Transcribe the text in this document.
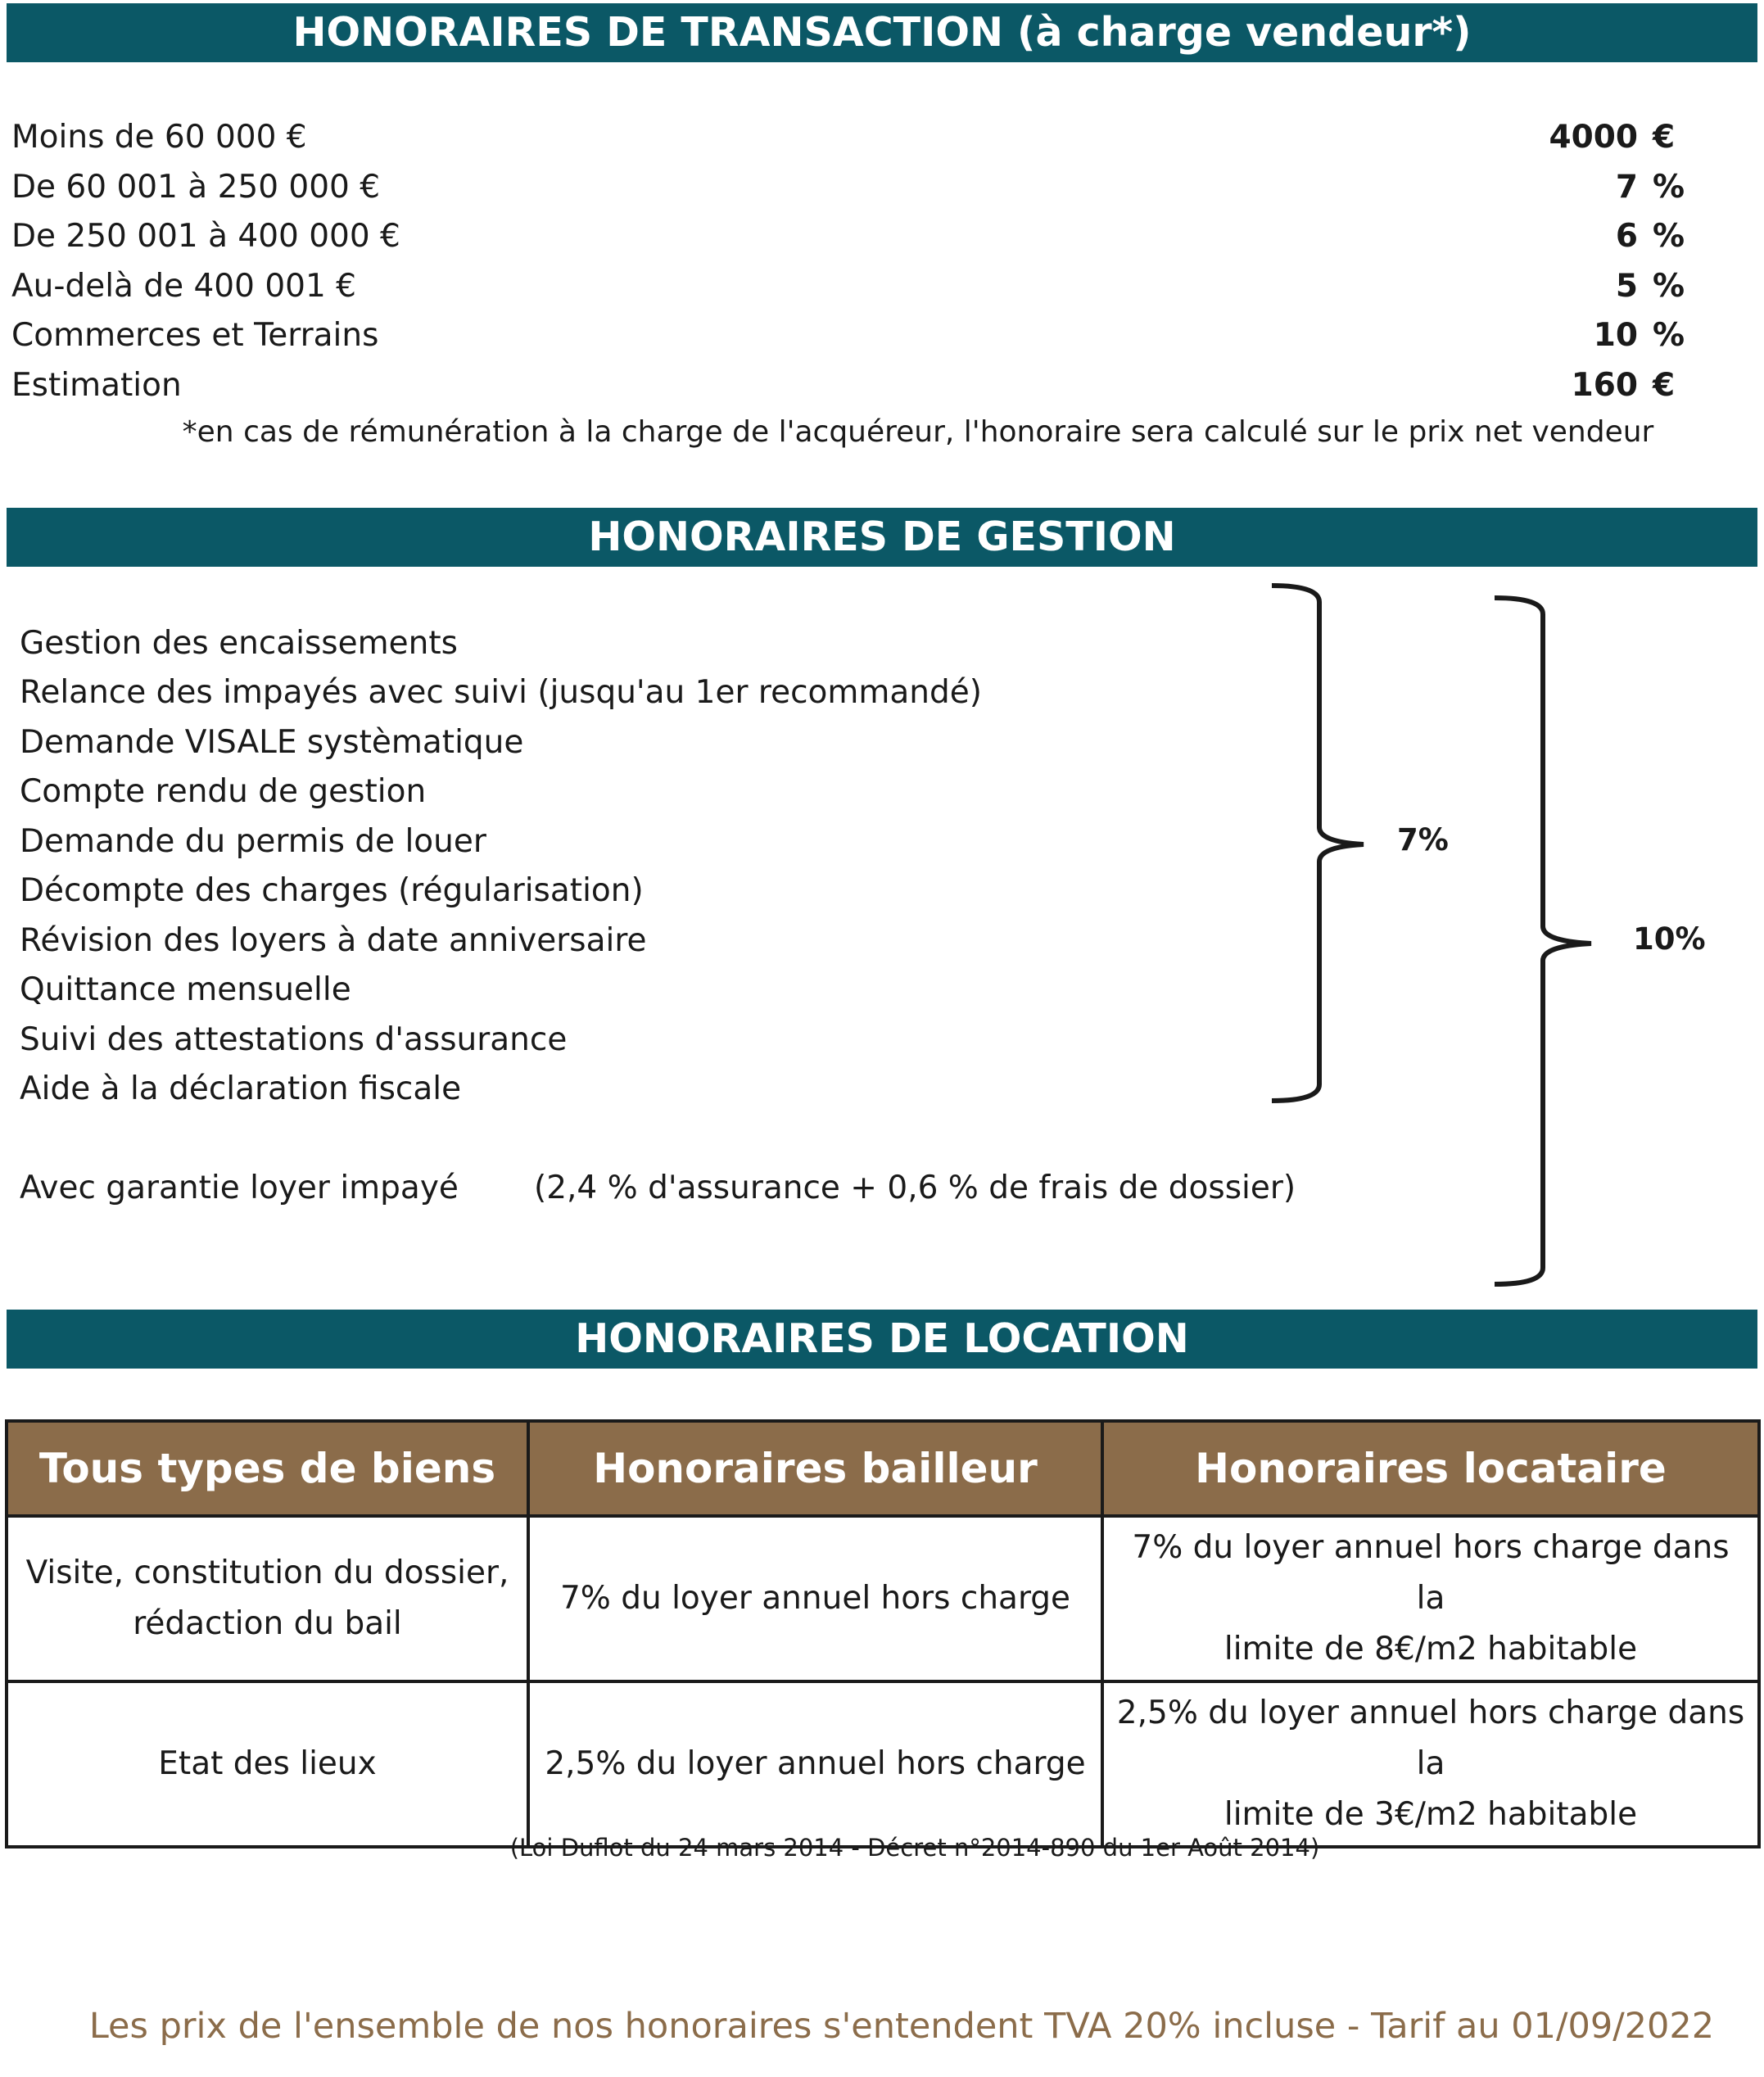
HONORAIRES DE TRANSACTION (à charge vendeur*)
Moins de 60 000 €	4000 €
De 60 001 à 250 000 €	7 %
De 250 001 à 400 000 €	6 %
Au-delà de 400 001 €	5 %
Commerces et Terrains	10 %
Estimation	160 €
*en cas de rémunération à la charge de l'acquéreur, l'honoraire sera calculé sur le prix net vendeur
HONORAIRES DE GESTION
Gestion des encaissements
Relance des impayés avec suivi (jusqu'au 1er recommandé)
Demande VISALE systèmatique
Compte rendu de gestion
Demande du permis de louer
Décompte des charges (régularisation)
Révision des loyers à date anniversaire
Quittance mensuelle
Suivi des attestations d'assurance
Aide à la déclaration fiscale
Avec garantie loyer impayé (2,4 % d'assurance + 0,6 % de frais de dossier)
7%
10%
HONORAIRES DE LOCATION
Tous types de biens	Honoraires bailleur	Honoraires locataire
Visite, constitution du dossier,
rédaction du bail	7% du loyer annuel hors charge	7% du loyer annuel hors charge dans la
limite de 8€/m2 habitable
Etat des lieux	2,5% du loyer annuel hors charge	2,5% du loyer annuel hors charge dans la
limite de 3€/m2 habitable
(Loi Duflot du 24 mars 2014 - Décret n°2014-890 du 1er Août 2014)
Les prix de l'ensemble de nos honoraires s'entendent TVA 20% incluse - Tarif au 01/09/2022
